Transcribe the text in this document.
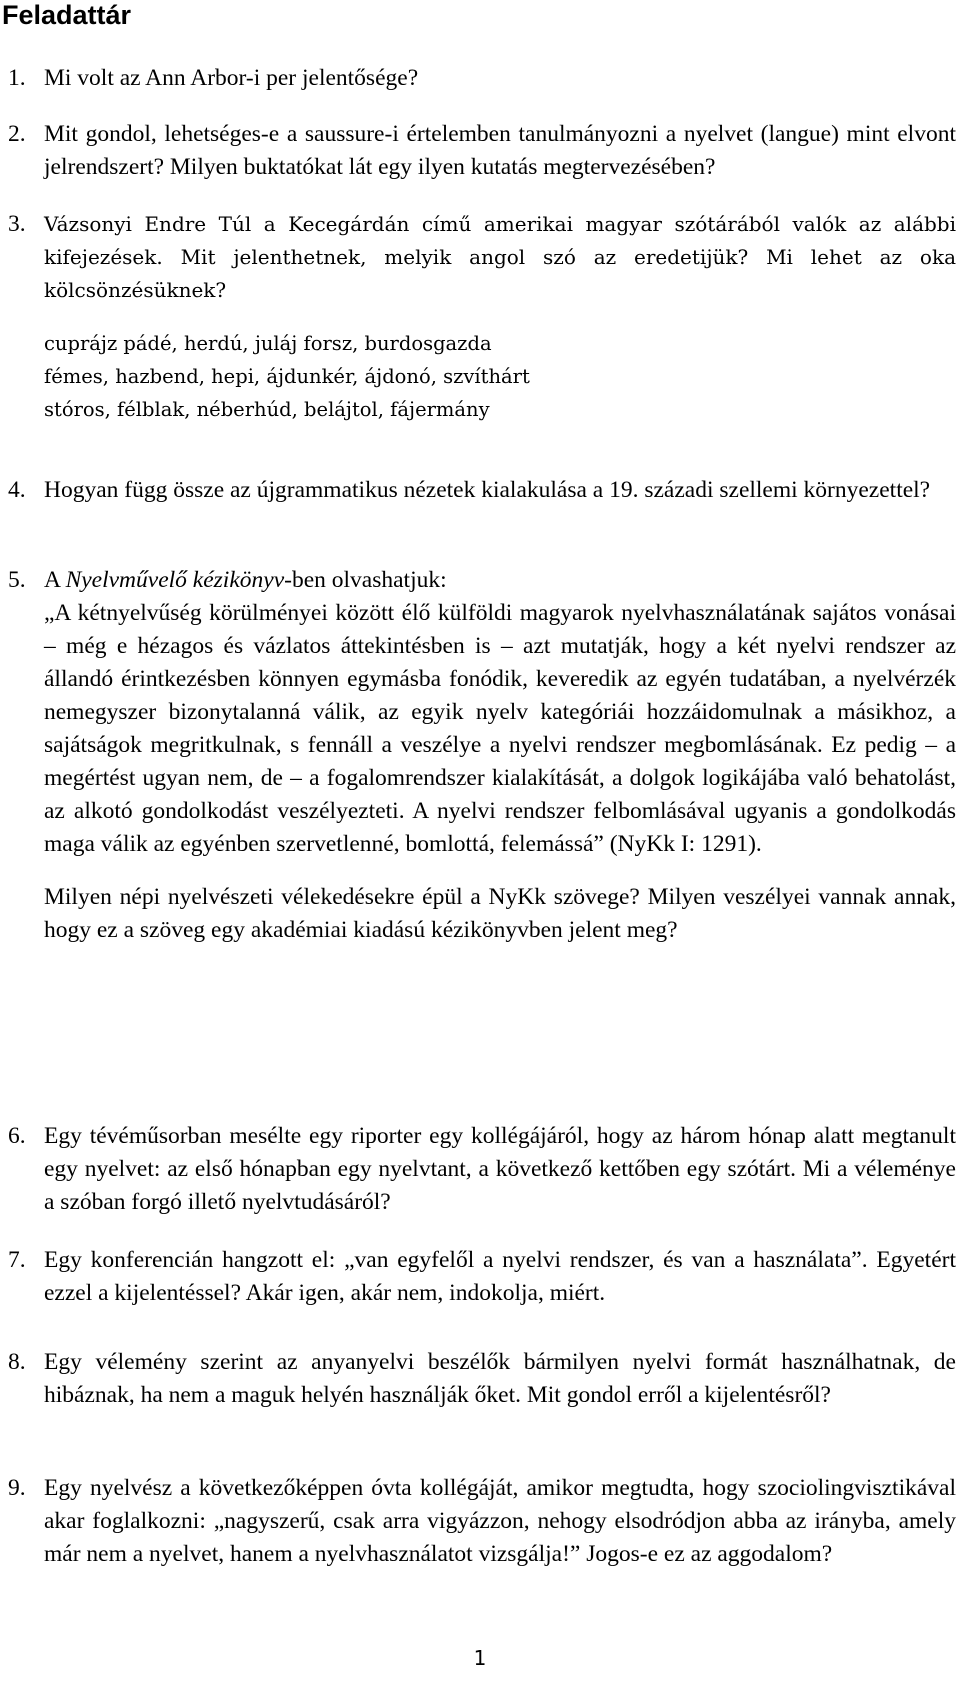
Feladattár
1. Mi volt az Ann Arbor-i per jelentősége?

2. Mit gondol, lehetséges-e a saussure-i értelemben tanulmányozni a nyelvet (langue) mint elvont jelrendszert? Milyen buktatókat lát egy ilyen kutatás megtervezésében?

3. Vázsonyi Endre Túl a Kecegárdán című amerikai magyar szótárából valók az alábbi kifejezések. Mit jelenthetnek, melyik angol szó az eredetijük? Mi lehet az oka kölcsönzésüknek?

cuprájz pádé, herdú, juláj forsz, burdosgazda
fémes, hazbend, hepi, ájdunkér, ájdonó, szvíthárt
stóros, félblak, néberhúd, belájtol, fájermány
4. Hogyan függ össze az újgrammatikus nézetek kialakulása a 19. századi szellemi környezettel?

5. A Nyelvművelő kézikönyv-ben olvashatjuk:

„A kétnyelvűség körülményei között élő külföldi magyarok nyelvhasználatának sajátos vonásai – még e hézagos és vázlatos áttekintésben is – azt mutatják, hogy a két nyelvi rendszer az állandó érintkezésben könnyen egymásba fonódik, keveredik az egyén tudatában, a nyelvérzék nemegyszer bizonytalanná válik, az egyik nyelv kategóriái hozzáidomulnak a másikhoz, a sajátságok megritkulnak, s fennáll a veszélye a nyelvi rendszer megbomlásának. Ez pedig – a megértést ugyan nem, de – a fogalomrendszer kialakítását, a dolgok logikájába való behatolást, az alkotó gondolkodást veszélyezteti. A nyelvi rendszer felbomlásával ugyanis a gondolkodás maga válik az egyénben szervetlenné, bomlottá, felemássá” (NyKk I: 1291).

Milyen népi nyelvészeti vélekedésekre épül a NyKk szövege? Milyen veszélyei vannak annak, hogy ez a szöveg egy akadémiai kiadású kézikönyvben jelent meg?

6. Egy tévéműsorban mesélte egy riporter egy kollégájáról, hogy az három hónap alatt megtanult egy nyelvet: az első hónapban egy nyelvtant, a következő kettőben egy szótárt. Mi a véleménye a szóban forgó illető nyelvtudásáról?

7. Egy konferencián hangzott el: „van egyfelől a nyelvi rendszer, és van a használata”. Egyetért ezzel a kijelentéssel? Akár igen, akár nem, indokolja, miért.

8. Egy vélemény szerint az anyanyelvi beszélők bármilyen nyelvi formát használhatnak, de hibáznak, ha nem a maguk helyén használják őket. Mit gondol erről a kijelentésről?

9. Egy nyelvész a következőképpen óvta kollégáját, amikor megtudta, hogy szociolingvisztikával akar foglalkozni: „nagyszerű, csak arra vigyázzon, nehogy elsodródjon abba az irányba, amely már nem a nyelvet, hanem a nyelvhasználatot vizsgálja!” Jogos-e ez az aggodalom?

1
